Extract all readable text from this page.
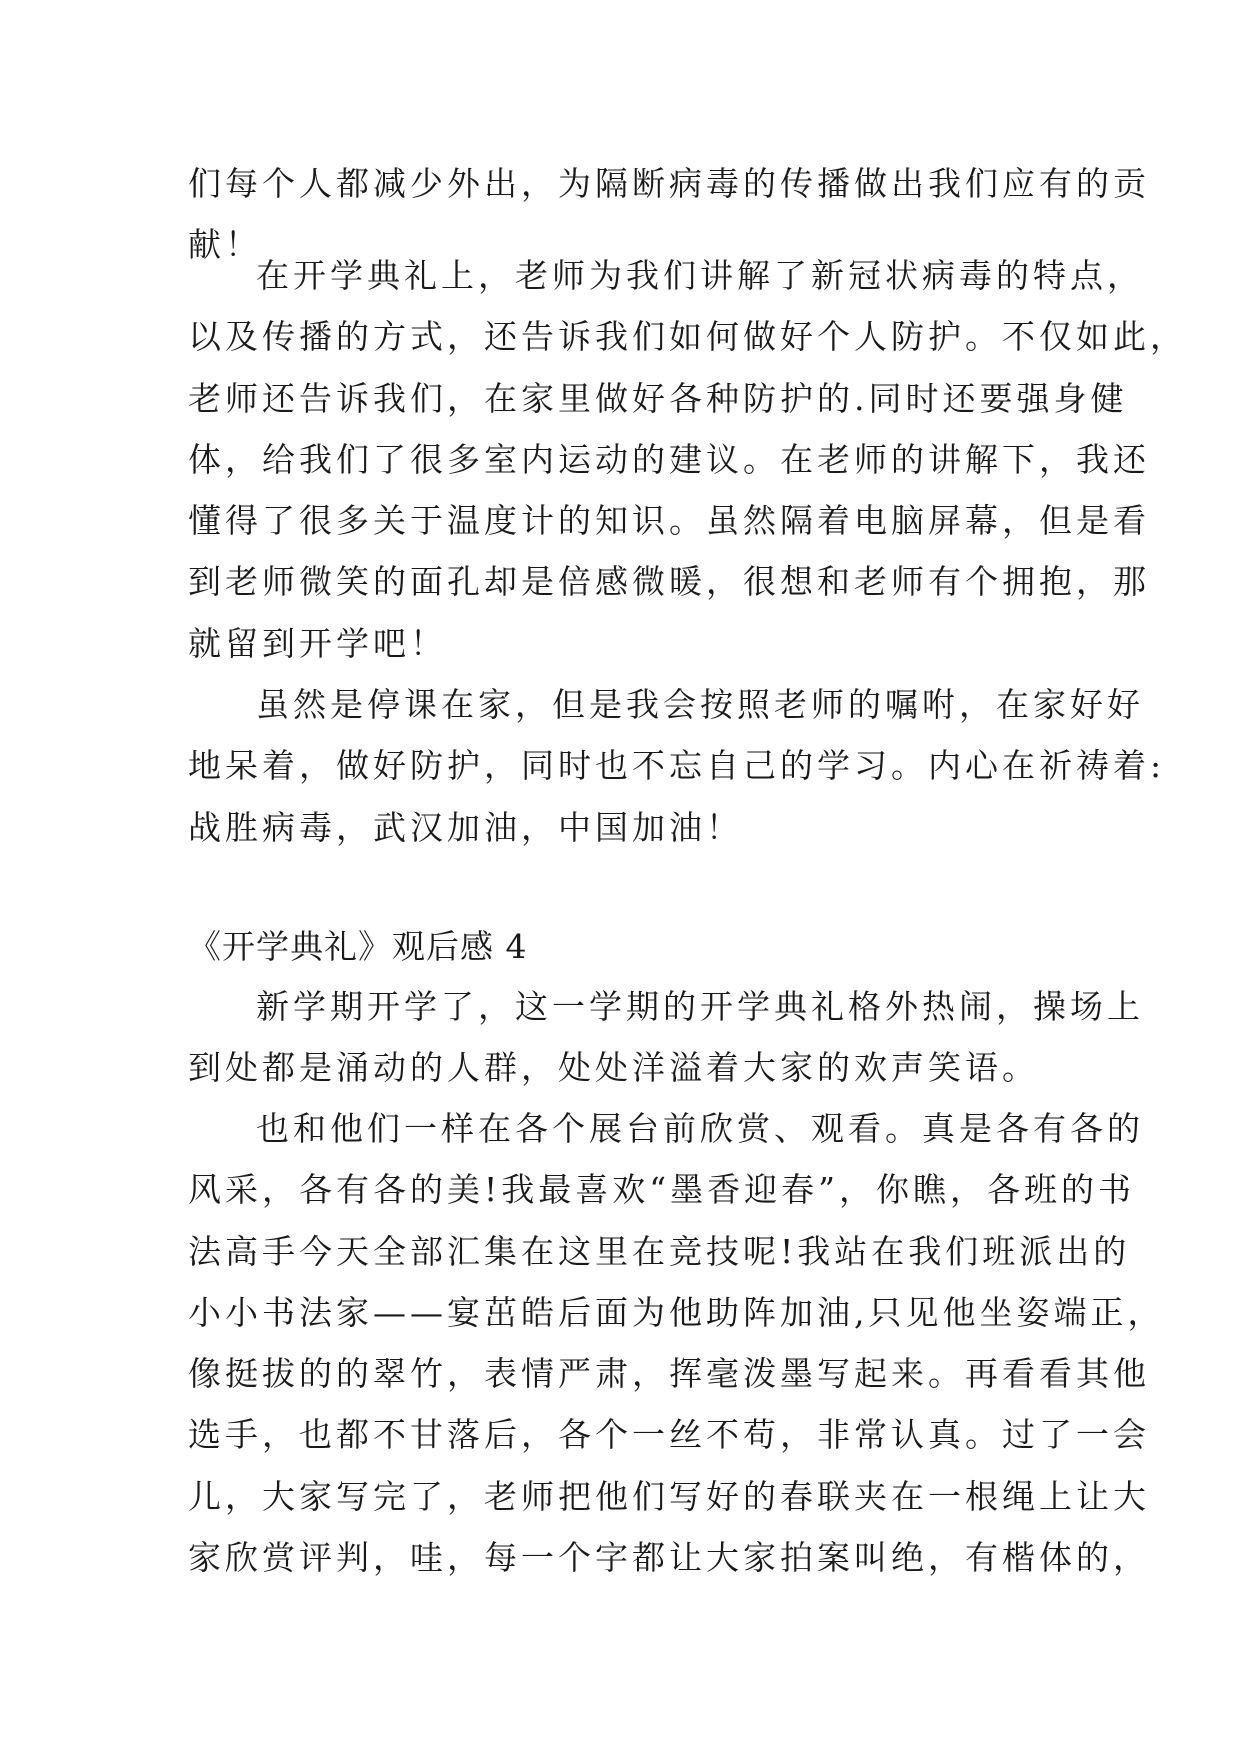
们每个人都减少外出，为隔断病毒的传播做出我们应有的贡
献！
在开学典礼上，老师为我们讲解了新冠状病毒的特点，
以及传播的方式，还告诉我们如何做好个人防护。不仅如此，
老师还告诉我们，在家里做好各种防护的.同时还要强身健
体，给我们了很多室内运动的建议。在老师的讲解下，我还
懂得了很多关于温度计的知识。虽然隔着电脑屏幕，但是看
到老师微笑的面孔却是倍感微暖，很想和老师有个拥抱，那
就留到开学吧！
虽然是停课在家，但是我会按照老师的嘱咐，在家好好
地呆着，做好防护，同时也不忘自己的学习。内心在祈祷着:
战胜病毒，武汉加油，中国加油！
《开学典礼》观后感 4
新学期开学了，这一学期的开学典礼格外热闹，操场上
到处都是涌动的人群，处处洋溢着大家的欢声笑语。
也和他们一样在各个展台前欣赏、观看。真是各有各的
风采，各有各的美!我最喜欢“墨香迎春”，你瞧，各班的书
法高手今天全部汇集在这里在竞技呢!我站在我们班派出的
小小书法家——宴茁皓后面为他助阵加油,只见他坐姿端正，
像挺拔的的翠竹，表情严肃，挥毫泼墨写起来。再看看其他
选手，也都不甘落后，各个一丝不苟，非常认真。过了一会
儿，大家写完了，老师把他们写好的春联夹在一根绳上让大
家欣赏评判，哇，每一个字都让大家拍案叫绝，有楷体的，
